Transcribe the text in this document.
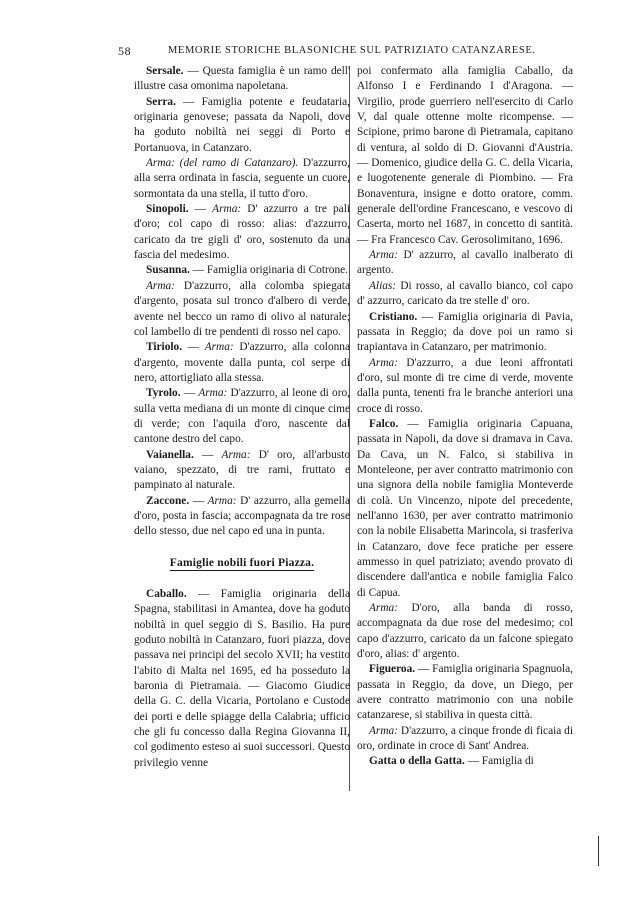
58	MEMORIE STORICHE BLASONICHE SUL PATRIZIATO CATANZARESE.

Sersale. — Questa famiglia è un ramo dell' illustre casa omonima napoletana.

Serra. — Famiglia potente e feudataria, originaria genovese; passata da Napoli, dove ha goduto nobiltà nei seggi di Porto e Portanuova, in Catanzaro.

Arma: (del ramo di Catanzaro). D'azzurro, alla serra ordinata in fascia, seguente un cuore, sormontata da una stella, il tutto d'oro.

Sinopoli. — Arma: D' azzurro a tre pali d'oro; col capo di rosso: alias: d'azzurro, caricato da tre gigli d' oro, sostenuto da una fascia del medesimo.

Susanna. — Famiglia originaria di Cotrone.

Arma: D'azzurro, alla colomba spiegata d'argento, posata sul tronco d'albero di verde, avente nel becco un ramo di olivo al naturale; col lambello di tre pendenti di rosso nel capo.

Tiriolo. — Arma: D'azzurro, alla colonna d'argento, movente dalla punta, col serpe di nero, attortigliato alla stessa.

Tyrolo. — Arma: D'azzurro, al leone di oro, sulla vetta mediana di un monte di cinque cime di verde; con l'aquila d'oro, nascente dal cantone destro del capo.

Vaianella. — Arma: D' oro, all'arbusto vaiano, spezzato, di tre rami, fruttato e pampinato al naturale.

Zaccone. — Arma: D' azzurro, alla gemella d'oro, posta in fascia; accompagnata da tre rose dello stesso, due nel capo ed una in punta.

Famiglie nobili fuori Piazza.

Caballo. — Famiglia originaria della Spagna, stabilitasi in Amantea, dove ha goduto nobiltà in quel seggio di S. Basilio. Ha pure goduto nobiltà in Catanzaro, fuori piazza, dove passava nei principi del secolo XVII; ha vestito l'abito di Malta nel 1695, ed ha posseduto la baronia di Pietramaia. — Giacomo Giudice della G. C. della Vicaria, Portolano e Custode dei porti e delle spiagge della Calabria; ufficio che gli fu concesso dalla Regina Giovanna II, col godimento esteso ai suoi successori. Questo privilegio venne

poi confermato alla famiglia Caballo, da Alfonso I e Ferdinando I d'Aragona. — Virgilio, prode guerriero nell'esercito di Carlo V, dal quale ottenne molte ricompense. — Scipione, primo barone di Pietramala, capitano di ventura, al soldo di D. Giovanni d'Austria. — Domenico, giudice della G. C. della Vicaria, e luogotenente generale di Piombino. — Fra Bonaventura, insigne e dotto oratore, comm. generale dell'ordine Francescano, e vescovo di Caserta, morto nel 1687, in concetto di santità. — Fra Francesco Cav. Gerosolimitano, 1696.

Arma: D' azzurro, al cavallo inalberato di argento.

Alias: Di rosso, al cavallo bianco, col capo d' azzurro, caricato da tre stelle d' oro.

Cristiano. — Famiglia originaria di Pavia, passata in Reggio; da dove poi un ramo si trapiantava in Catanzaro, per matrimonio.

Arma: D'azzurro, a due leoni affrontati d'oro, sul monte di tre cime di verde, movente dalla punta, tenenti fra le branche anteriori una croce di rosso.

Falco. — Famiglia originaria Capuana, passata in Napoli, da dove si dramava in Cava. Da Cava, un N. Falco, si stabiliva in Monteleone, per aver contratto matrimonio con una signora della nobile famiglia Monteverde di colà. Un Vincenzo, nipote del precedente, nell'anno 1630, per aver contratto matrimonio con la nobile Elisabetta Marincola, si trasferiva in Catanzaro, dove fece pratiche per essere ammesso in quel patriziato; avendo provato di discendere dall'antica e nobile famiglia Falco di Capua.

Arma: D'oro, alla banda di rosso, accompagnata da due rose del medesimo; col capo d'azzurro, caricato da un falcone spiegato d'oro, alias: d' argento.

Figueroa. — Famiglia originaria Spagnuola, passata in Reggio, da dove, un Diego, per avere contratto matrimonio con una nobile catanzarese, si stabiliva in questa città.

Arma: D'azzurro, a cinque fronde di ficaia di oro, ordinate in croce di Sant' Andrea.

Gatta o della Gatta. — Famiglia di
